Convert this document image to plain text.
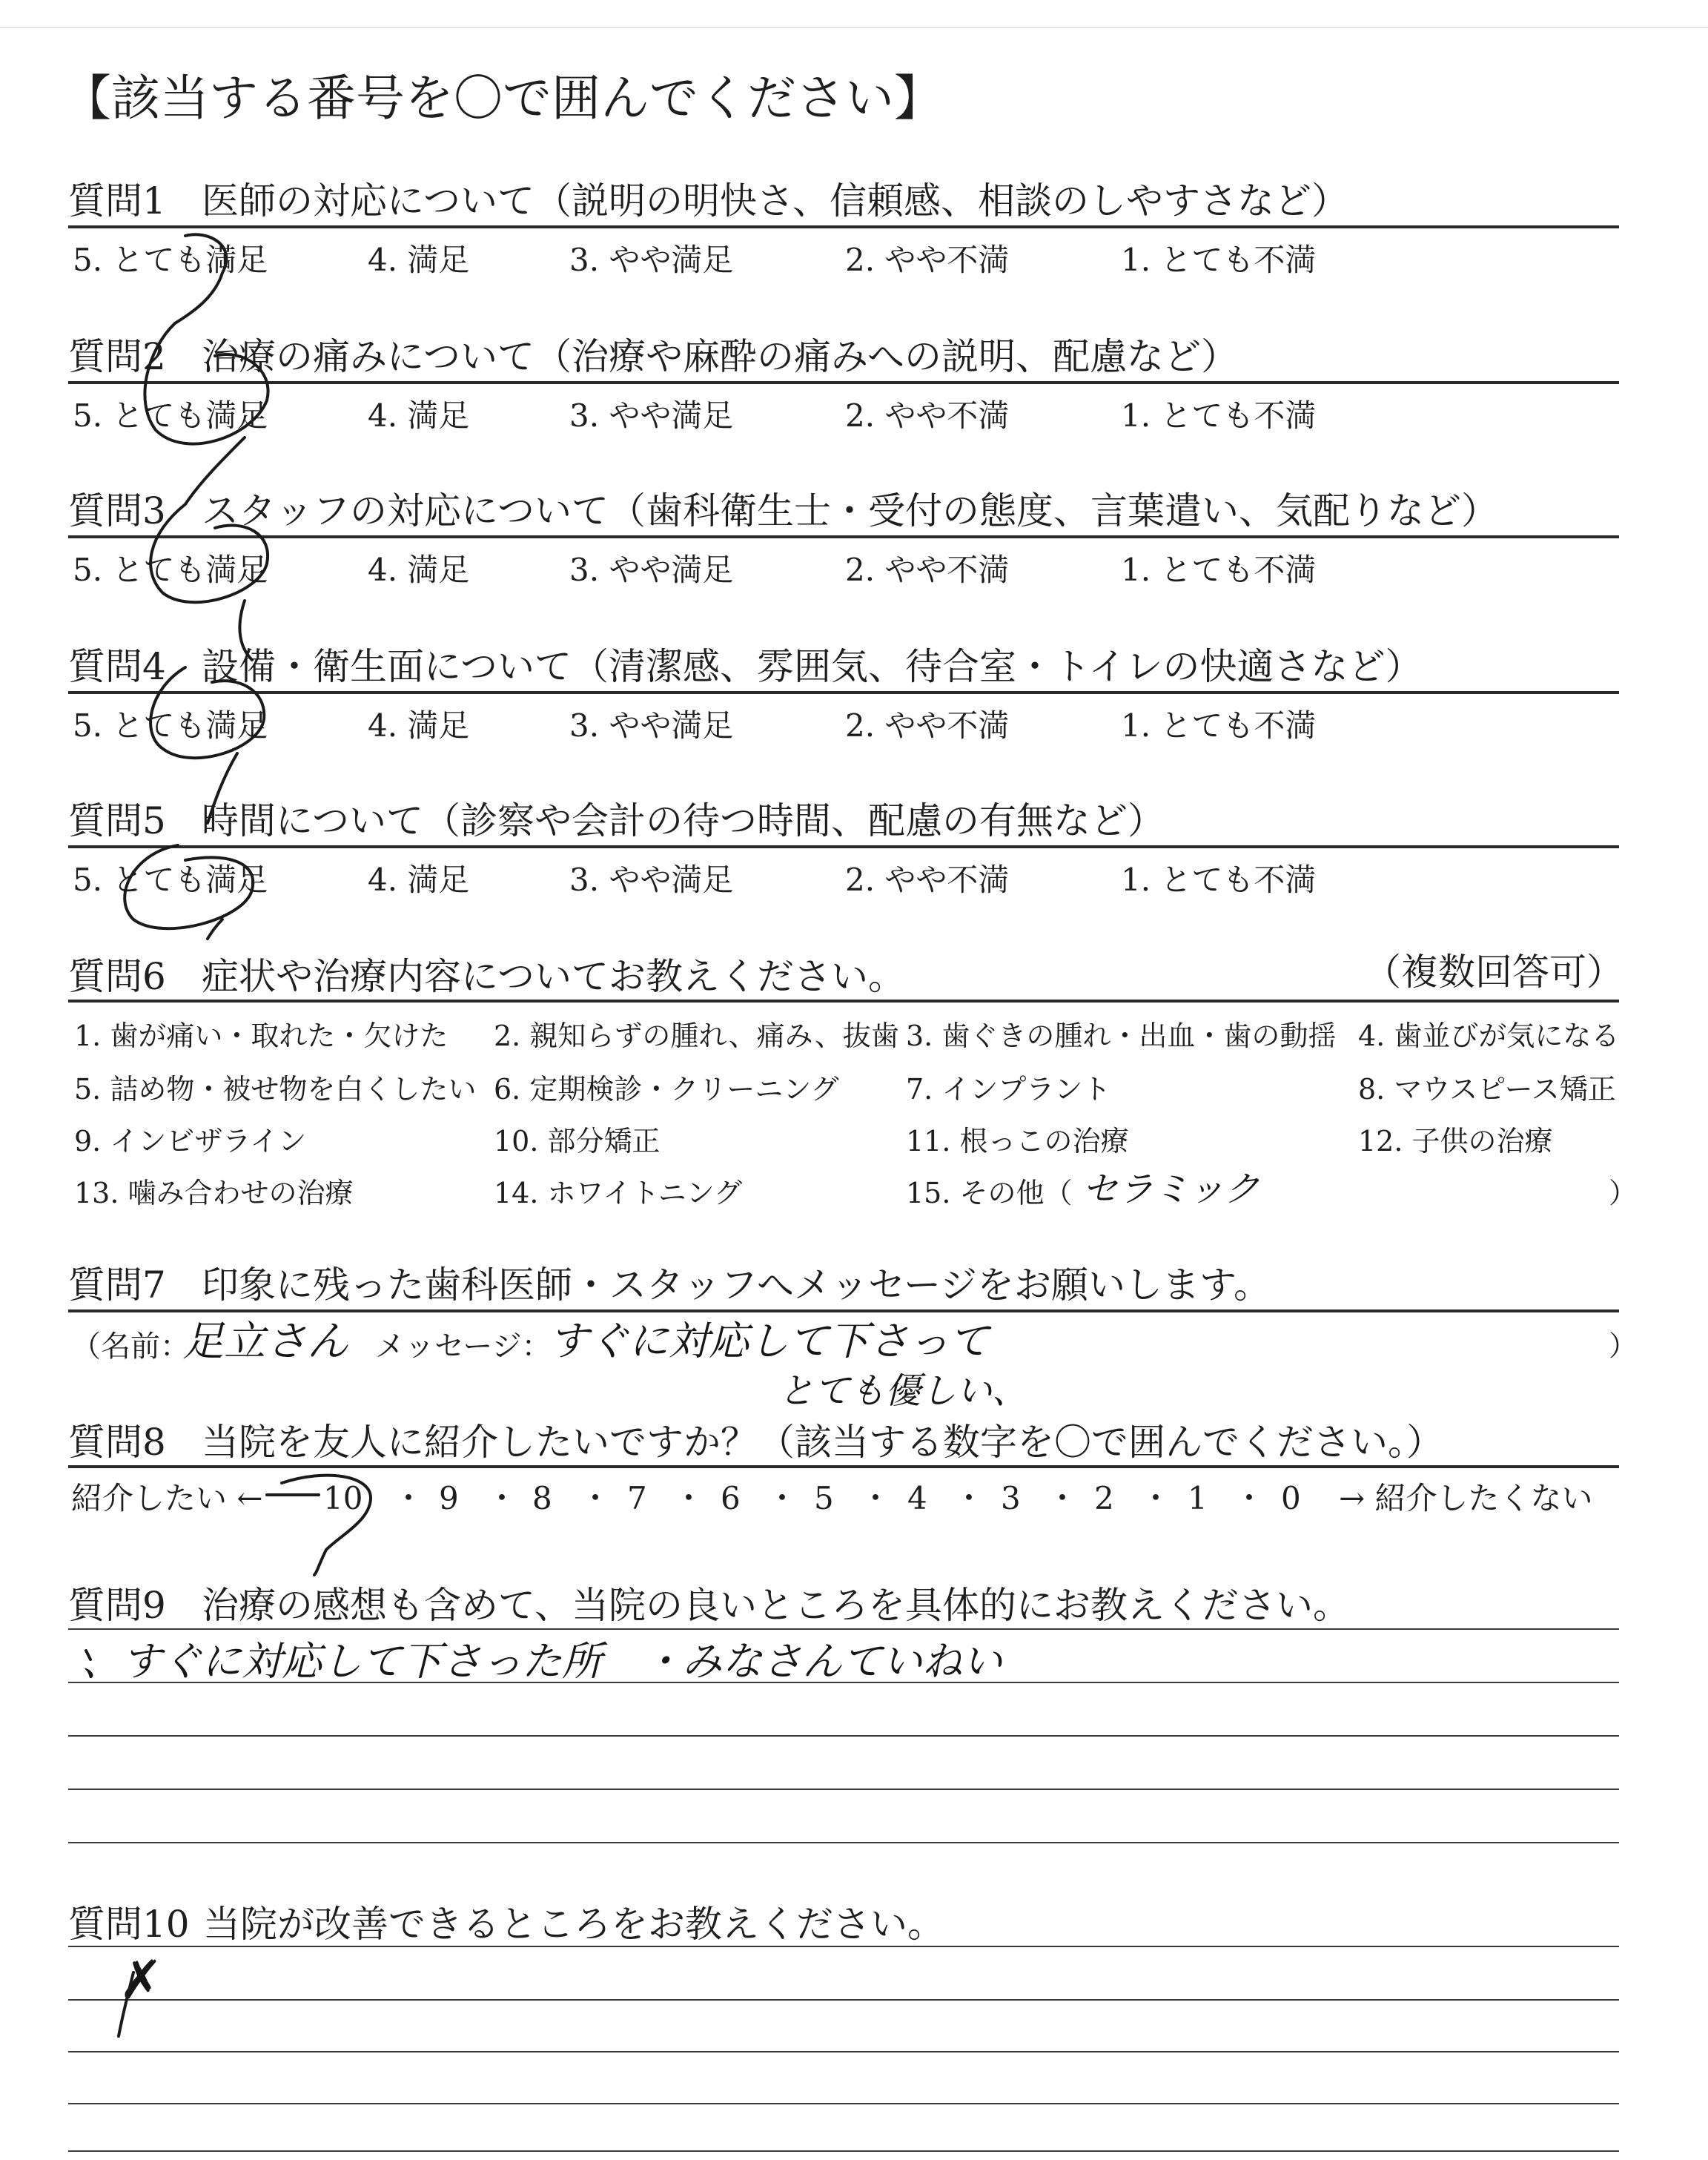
【該当する番号を〇で囲んでください】
質問1 医師の対応について（説明の明快さ、信頼感、相談のしやすさなど）
5. とても満足	4. 満足	3. やや満足	2. やや不満	1. とても不満
質問2 治療の痛みについて（治療や麻酔の痛みへの説明、配慮など）
5. とても満足	4. 満足	3. やや満足	2. やや不満	1. とても不満
質問3 スタッフの対応について（歯科衛生士・受付の態度、言葉遣い、気配りなど）
5. とても満足	4. 満足	3. やや満足	2. やや不満	1. とても不満
質問4 設備・衛生面について（清潔感、雰囲気、待合室・トイレの快適さなど）
5. とても満足	4. 満足	3. やや満足	2. やや不満	1. とても不満
質問5 時間について（診察や会計の待つ時間、配慮の有無など）
5. とても満足	4. 満足	3. やや満足	2. やや不満	1. とても不満
質問6 症状や治療内容についてお教えください。	（複数回答可）
1. 歯が痛い・取れた・欠けた 2. 親知らずの腫れ、痛み、抜歯 3. 歯ぐきの腫れ・出血・歯の動揺 4. 歯並びが気になる
5. 詰め物・被せ物を白くしたい 6. 定期検診・クリーニング 7. インプラント	8. マウスピース矯正
9. インビザライン	10. 部分矯正	11. 根っこの治療	12. 子供の治療
13. 噛み合わせの治療	14. ホワイトニング	15. その他（ セラミック	）
質問7 印象に残った歯科医師・スタッフへメッセージをお願いします。
（名前：
足立さん メッセージ：
すぐに対応して下さって
とても優しい、
）
質問8 当院を友人に紹介したいですか？（該当する数字を〇で囲んでください。）
紹介したい ← 10 ・ 9 ・ 8 ・ 7 ・ 6 ・ 5 ・ 4 ・ 3 ・ 2 ・ 1 ・ 0 → 紹介したくない
質問9 治療の感想も含めて、当院の良いところを具体的にお教えください。
、すぐに対応して下さった所　・みなさんていねい
質問10 当院が改善できるところをお教えください。
✗
